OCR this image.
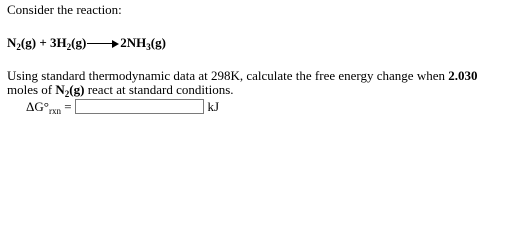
Consider the reaction:
$N_2(g) + 3H_2(g)$	$2NH_3(g)$
Using standard thermodynamic data at 298K, calculate the free energy change when 2.030
moles of $N_2(g)$ react at standard conditions.
$\Delta G^\circ_{rxn}$ =	kJ
